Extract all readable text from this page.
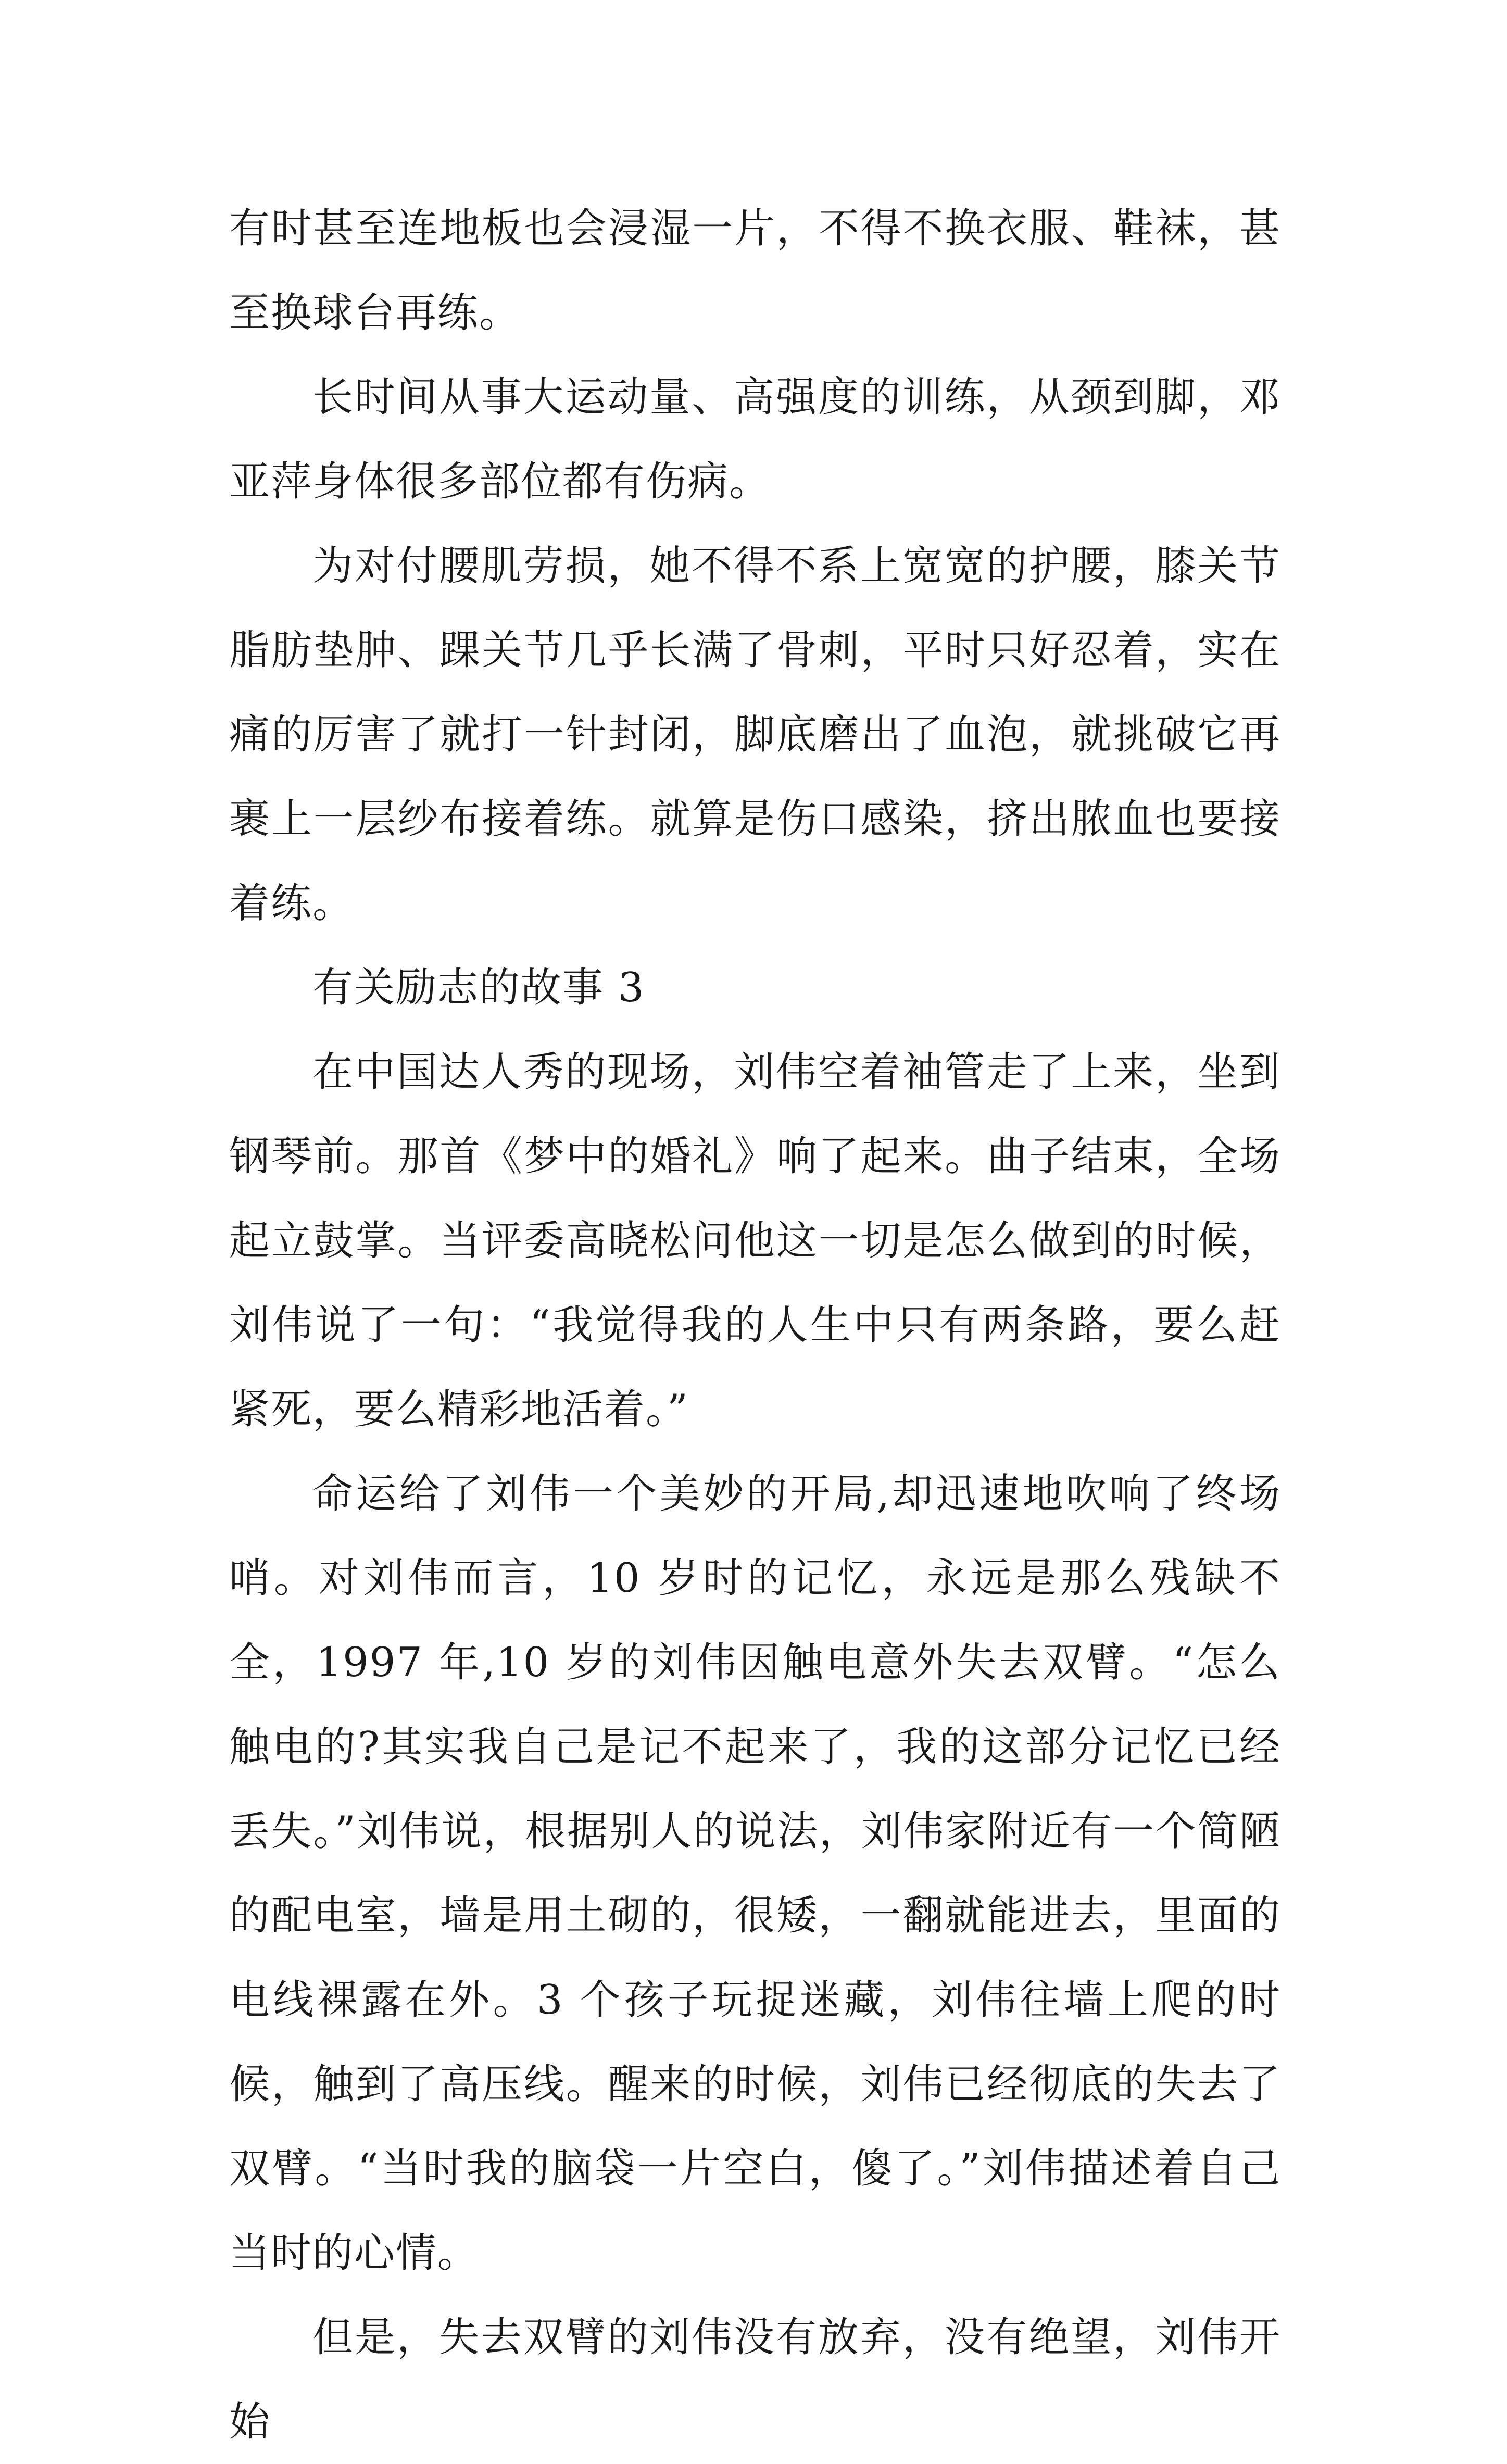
有时甚至连地板也会浸湿一片，不得不换衣服、鞋袜，甚至换球台再练。

长时间从事大运动量、高强度的训练，从颈到脚，邓亚萍身体很多部位都有伤病。

为对付腰肌劳损，她不得不系上宽宽的护腰，膝关节脂肪垫肿、踝关节几乎长满了骨刺，平时只好忍着，实在痛的厉害了就打一针封闭，脚底磨出了血泡，就挑破它再裹上一层纱布接着练。就算是伤口感染，挤出脓血也要接着练。

有关励志的故事 3

在中国达人秀的现场，刘伟空着袖管走了上来，坐到钢琴前。那首《梦中的婚礼》响了起来。曲子结束，全场起立鼓掌。当评委高晓松问他这一切是怎么做到的时候，刘伟说了一句：“我觉得我的人生中只有两条路，要么赶紧死，要么精彩地活着。”

命运给了刘伟一个美妙的开局,却迅速地吹响了终场哨。对刘伟而言，10 岁时的记忆，永远是那么残缺不全，1997 年,10 岁的刘伟因触电意外失去双臂。“怎么触电的?其实我自己是记不起来了，我的这部分记忆已经丢失。”刘伟说，根据别人的说法，刘伟家附近有一个简陋的配电室，墙是用土砌的，很矮，一翻就能进去，里面的电线裸露在外。3 个孩子玩捉迷藏，刘伟往墙上爬的时候，触到了高压线。醒来的时候，刘伟已经彻底的失去了双臂。“当时我的脑袋一片空白，傻了。”刘伟描述着自己当时的心情。

但是，失去双臂的刘伟没有放弃，没有绝望，刘伟开始
